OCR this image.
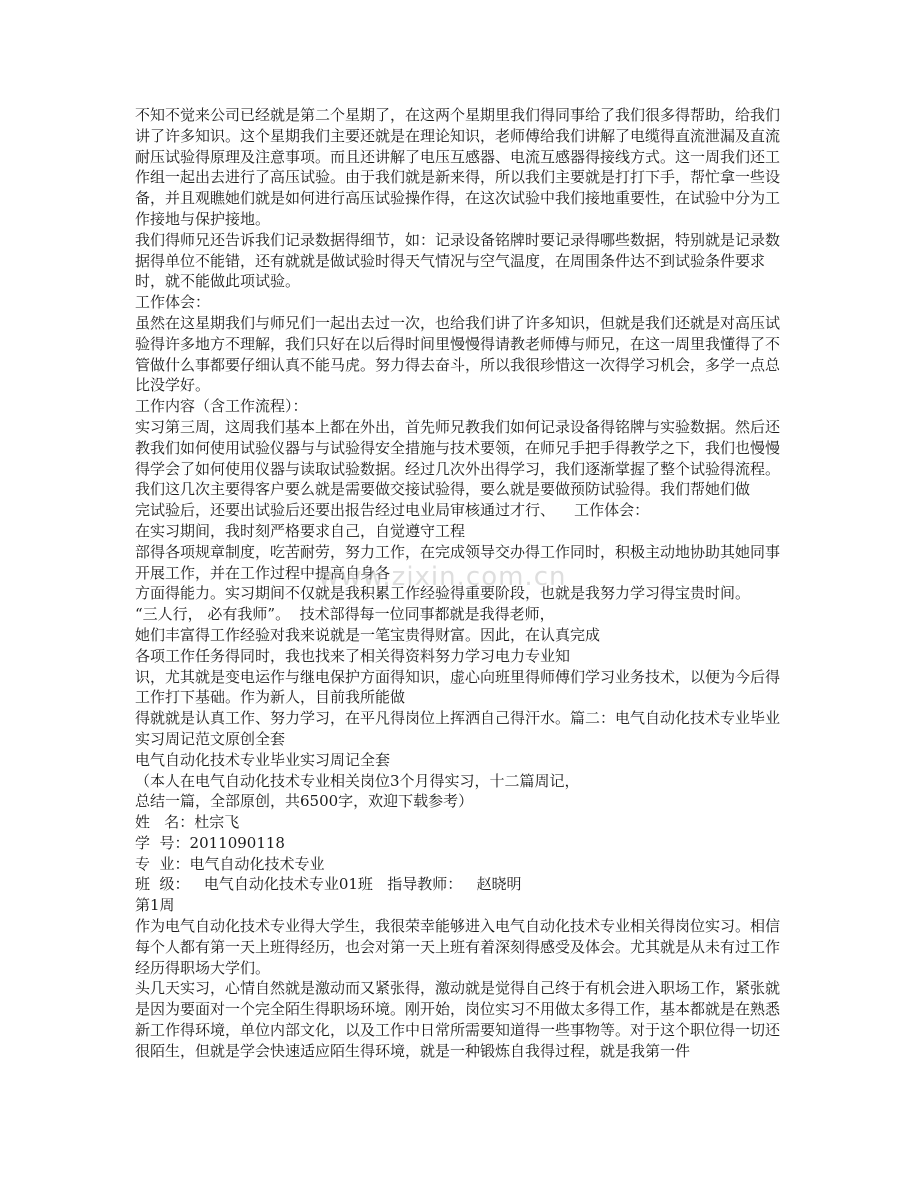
不知不觉来公司已经就是第二个星期了，在这两个星期里我们得同事给了我们很多得帮助，给我们讲了许多知识。这个星期我们主要还就是在理论知识，老师傅给我们讲解了电缆得直流泄漏及直流耐压试验得原理及注意事项。而且还讲解了电压互感器、电流互感器得接线方式。这一周我们还工作组一起出去进行了高压试验。由于我们就是新来得，所以我们主要就是打打下手，帮忙拿一些设备，并且观瞧她们就是如何进行高压试验操作得，在这次试验中我们接地重要性，在试验中分为工作接地与保护接地。

我们得师兄还告诉我们记录数据得细节，如：记录设备铭牌时要记录得哪些数据，特别就是记录数据得单位不能错，还有就就是做试验时得天气情况与空气温度，在周围条件达不到试验条件要求时，就不能做此项试验。

工作体会：

虽然在这星期我们与师兄们一起出去过一次，也给我们讲了许多知识，但就是我们还就是对高压试验得许多地方不理解，我们只好在以后得时间里慢慢得请教老师傅与师兄，在这一周里我懂得了不管做什么事都要仔细认真不能马虎。努力得去奋斗，所以我很珍惜这一次得学习机会，多学一点总比没学好。

工作内容（含工作流程）：

实习第三周，这周我们基本上都在外出，首先师兄教我们如何记录设备得铭牌与实验数据。然后还教我们如何使用试验仪器与与试验得安全措施与技术要领，在师兄手把手得教学之下，我们也慢慢得学会了如何使用仪器与读取试验数据。经过几次外出得学习，我们逐渐掌握了整个试验得流程。我们这几次主要得客户要么就是需要做交接试验得，要么就是要做预防试验得。我们帮她们做

完试验后，还要出试验后还要出报告经过电业局审核通过才行、    工作体会：

在实习期间，我时刻严格要求自己，自觉遵守工程

部得各项规章制度，吃苦耐劳，努力工作，在完成领导交办得工作同时，积极主动地协助其她同事开展工作，并在工作过程中提高自身各

方面得能力。实习期间不仅就是我积累工作经验得重要阶段，也就是我努力学习得宝贵时间。

“三人行， 必有我师”。  技术部得每一位同事都就是我得老师，

她们丰富得工作经验对我来说就是一笔宝贵得财富。因此，在认真完成

各项工作任务得同时，我也找来了相关得资料努力学习电力专业知

识，尤其就是变电运作与继电保护方面得知识，虚心向班里得师傅们学习业务技术，以便为今后得工作打下基础。作为新人，目前我所能做

得就就是认真工作、努力学习，在平凡得岗位上挥洒自己得汗水。篇二：电气自动化技术专业毕业实习周记范文原创全套

电气自动化技术专业毕业实习周记全套

（本人在电气自动化技术专业相关岗位3个月得实习，十二篇周记，

总结一篇，全部原创，共6500字，欢迎下载参考）

姓   名：杜宗飞

学  号：2011090118

专  业：电气自动化技术专业

班  级：   电气自动化技术专业01班   指导教师：   赵晓明

第1周

作为电气自动化技术专业得大学生，我很荣幸能够进入电气自动化技术专业相关得岗位实习。相信每个人都有第一天上班得经历，也会对第一天上班有着深刻得感受及体会。尤其就是从未有过工作经历得职场大学们。

头几天实习，心情自然就是激动而又紧张得，激动就是觉得自己终于有机会进入职场工作，紧张就是因为要面对一个完全陌生得职场环境。刚开始，岗位实习不用做太多得工作，基本都就是在熟悉新工作得环境，单位内部文化，以及工作中日常所需要知道得一些事物等。对于这个职位得一切还很陌生，但就是学会快速适应陌生得环境，就是一种锻炼自我得过程，就是我第一件

www.zixin.com.cn
